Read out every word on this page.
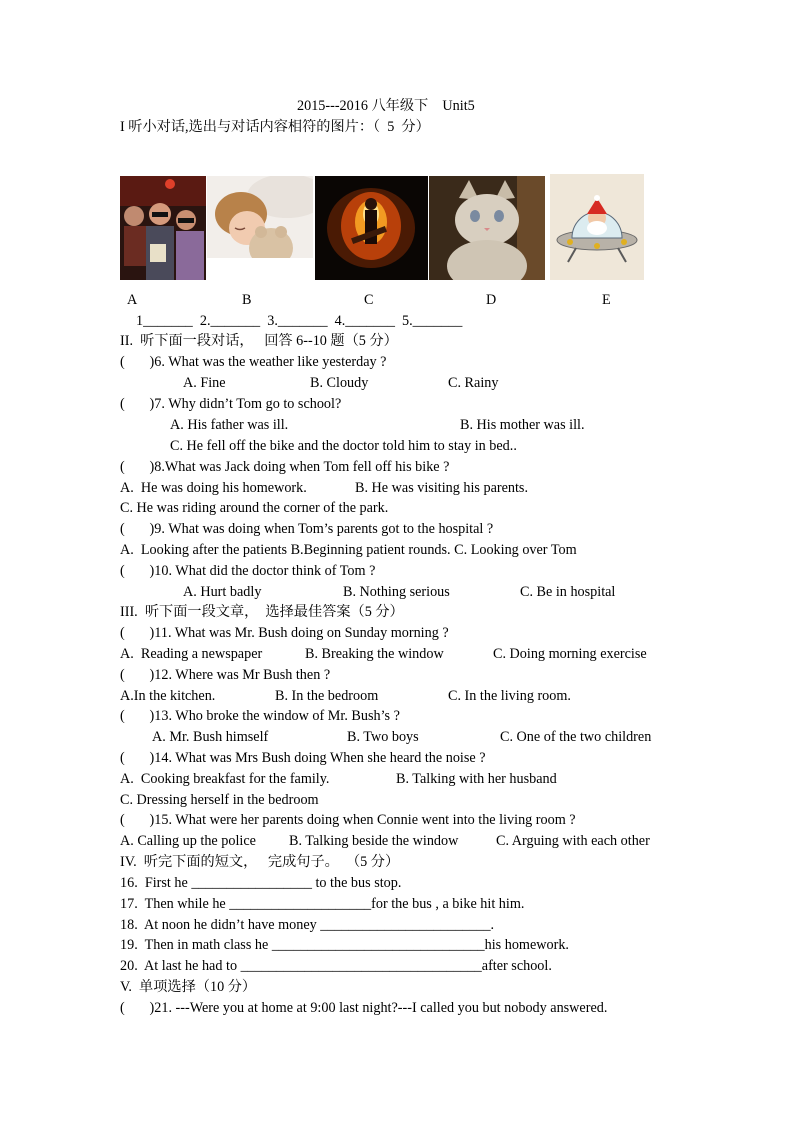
2015---2016 八年级下    Unit5
I 听小对话,选出与对话内容相符的图片：（  5  分）
A	B	C	D	E
1_______  2._______  3._______  4._______  5._______
II.  听下面一段对话，   回答 6--10 题（5 分）
(       )6. What was the weather like yesterday ?
A. Fine	B. Cloudy	C. Rainy
(       )7. Why didn’t Tom go to school?
A. His father was ill.	B. His mother was ill.
C. He fell off the bike and the doctor told him to stay in bed..
(       )8.What was Jack doing when Tom fell off his bike ?
A.  He was doing his homework.	B. He was visiting his parents.
C. He was riding around the corner of the park.
(       )9. What was doing when Tom’s parents got to the hospital ?
A.  Looking after the patients B.Beginning patient rounds. C. Looking over Tom
(       )10. What did the doctor think of Tom ?
A. Hurt badly	B. Nothing serious	C. Be in hospital
III.  听下面一段文章，  选择最佳答案（5 分）
(       )11. What was Mr. Bush doing on Sunday morning ?
A.  Reading a newspaper	B. Breaking the window	C. Doing morning exercise
(       )12. Where was Mr Bush then ?
A.In the kitchen.	B. In the bedroom	C. In the living room.
(       )13. Who broke the window of Mr. Bush’s ?
A. Mr. Bush himself	B. Two boys	C. One of the two children
(       )14. What was Mrs Bush doing When she heard the noise ?
A.  Cooking breakfast for the family.	B. Talking with her husband
C. Dressing herself in the bedroom
(       )15. What were her parents doing when Connie went into the living room ?
A. Calling up the police B. Talking beside the window	C. Arguing with each other
IV.  听完下面的短文，   完成句子。  （5 分）
16.  First he _________________ to the bus stop.
17.  Then while he ____________________for the bus , a bike hit him.
18.  At noon he didn’t have money ________________________.
19.  Then in math class he ______________________________his homework.
20.  At last he had to __________________________________after school.
V.  单项选择（10 分）
(       )21. ---Were you at home at 9:00 last night?---I called you but nobody answered.
